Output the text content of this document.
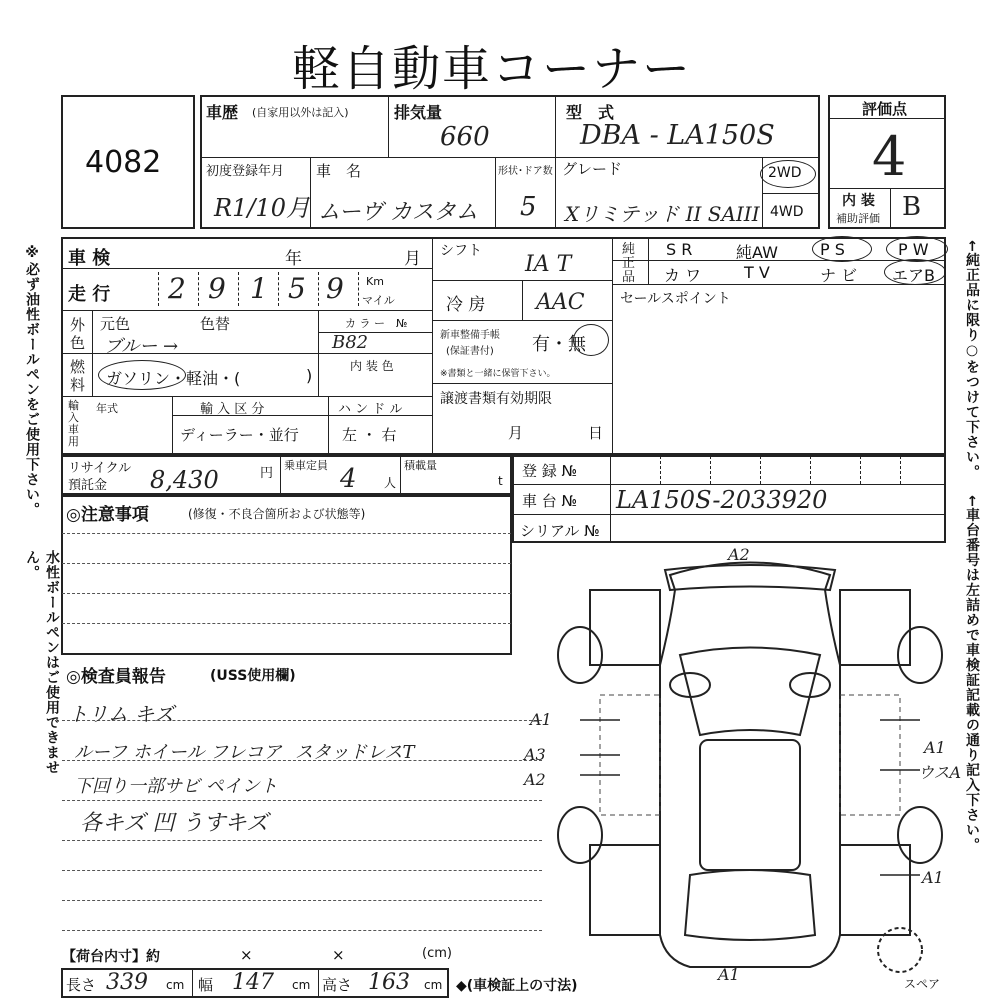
軽自動車コーナー
※必ず油性ボールペンをご使用下さい。
水性ボールペンはご使用できません。
←純正品に限り○をつけて下さい。
←車台番号は左詰めで車検証記載の通り記入下さい。
4082
車歴 (自家用以外は記入)	排気量
660
型　式
DBA - LA150S
初度登録年月
R1/10月
車　名
ムーヴ カスタム
形状･ドア数
5
グレード
Xリミテッド II SAIII
2WD
4WD
評価点
4
内 装
補助評価 B
車 検	年	月
走 行 2 9 1 5 9 Km
マイル
外
色
元色	色替
ブルー →
カ ラ ー　№
B82
内 装 色
燃
料 ガソリン・軽油・(	)
輸入車用
年式	輸 入 区 分
ディーラー・並行
ハ ン ド ル
左 ・ 右
シフト
IA T
冷 房 AAC
新車整備手帳
(保証書付) 有・無
※書類と一緒に保管下さい。
譲渡書類有効期限
月	日
純
正
品
S R	純AW	P S	P W
カ ワ	T V	ナ ビ エアB
セールスポイント
リサイクル
預託金 8,430	円
乗車定員 4 人
積載量
t
登 録 №
車 台 № LA150S-2033920
シリアル №
◎注意事項	(修復・不良合箇所および状態等)
◎検査員報告	(USS使用欄)
トリム キズ
ルーフ ホイール フレコア スタッドレスT
下回り一部サビ ペイント
各キズ 凹 うすキズ
【荷台内寸】約	×	×	(cm)
長さ 339 cm 幅 147 cm 高さ 163 cm ◆(車検証上の寸法)
A2
A1
A1
A3
A2	ウスA
A1
A1	スペア
